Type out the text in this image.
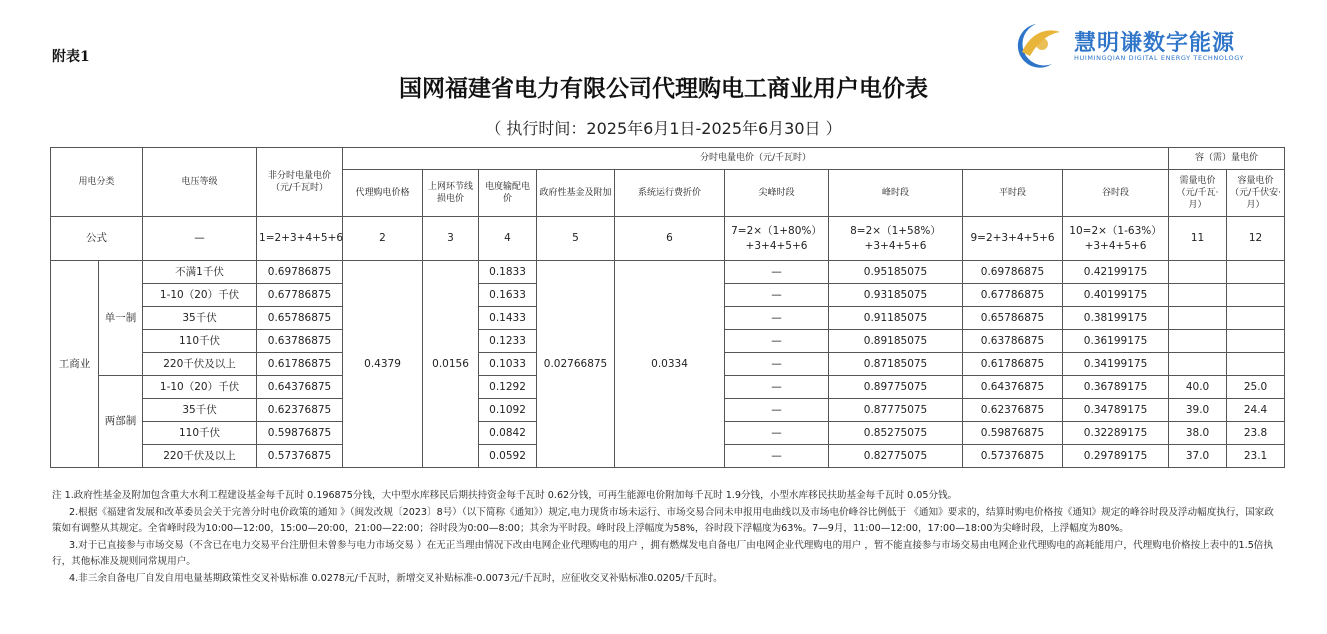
附表1
慧明谦数字能源
HUIMINGQIAN DIGITAL ENERGY TECHNOLOGY
国网福建省电力有限公司代理购电工商业用户电价表
（ 执行时间：2025年6月1日-2025年6月30日 ）
用电分类		电压等级	非分时电量电价（元/千瓦时）	分时电量电价（元/千瓦时）									容（需）量电价	
				代理购电价格	上网环节线损电价	电度输配电价	政府性基金及附加	系统运行费折价	尖峰时段	峰时段	平时段	谷时段	需量电价（元/千瓦·月）	容量电价（元/千伏安·月）
公式		—	1=2+3+4+5+6	2	3	4	5	6	7=2×（1+80%）+3+4+5+6	8=2×（1+58%）+3+4+5+6	9=2+3+4+5+6	10=2×（1-63%）+3+4+5+6	11	12
工商业	单一制	不满1千伏	0.69786875	0.4379	0.0156	0.1833	0.02766875	0.0334	—	0.95185075	0.69786875	0.42199175		
		1-10（20）千伏	0.67786875			0.1633			—	0.93185075	0.67786875	0.40199175		
		35千伏	0.65786875			0.1433			—	0.91185075	0.65786875	0.38199175		
		110千伏	0.63786875			0.1233			—	0.89185075	0.63786875	0.36199175		
		220千伏及以上	0.61786875			0.1033			—	0.87185075	0.61786875	0.34199175		
	两部制	1-10（20）千伏	0.64376875			0.1292			—	0.89775075	0.64376875	0.36789175	40.0	25.0
		35千伏	0.62376875			0.1092			—	0.87775075	0.62376875	0.34789175	39.0	24.4
		110千伏	0.59876875			0.0842			—	0.85275075	0.59876875	0.32289175	38.0	23.8
		220千伏及以上	0.57376875			0.0592			—	0.82775075	0.57376875	0.29789175	37.0	23.1

注 1.政府性基金及附加包含重大水利工程建设基金每千瓦时 0.196875分钱，大中型水库移民后期扶持资金每千瓦时 0.62分钱，可再生能源电价附加每千瓦时 1.9分钱，小型水库移民扶助基金每千瓦时 0.05分钱。

2.根据《福建省发展和改革委员会关于完善分时电价政策的通知 》（闽发改规〔2023〕8号）（以下简称《通知》）规定,电力现货市场未运行、市场交易合同未申报用电曲线以及市场电价峰谷比例低于 《通知》要求的，结算时购电价格按《通知》规定的峰谷时段及浮动幅度执行，国家政策如有调整从其规定。全省峰时段为10:00—12:00，15:00—20:00，21:00—22:00；谷时段为0:00—8:00；其余为平时段。峰时段上浮幅度为58%，谷时段下浮幅度为63%。7—9月，11:00—12:00，17:00—18:00为尖峰时段，上浮幅度为80%。

3.对于已直接参与市场交易（不含已在电力交易平台注册但未曾参与电力市场交易 ）在无正当理由情况下改由电网企业代理购电的用户 ，拥有燃煤发电自备电厂由电网企业代理购电的用户 ，暂不能直接参与市场交易由电网企业代理购电的高耗能用户，代理购电价格按上表中的1.5倍执行，其他标准及规则同常规用户。

4.非三余自备电厂自发自用电量基期政策性交叉补贴标准 0.0278元/千瓦时，新增交叉补贴标准-0.0073元/千瓦时，应征收交叉补贴标准0.0205/千瓦时。
